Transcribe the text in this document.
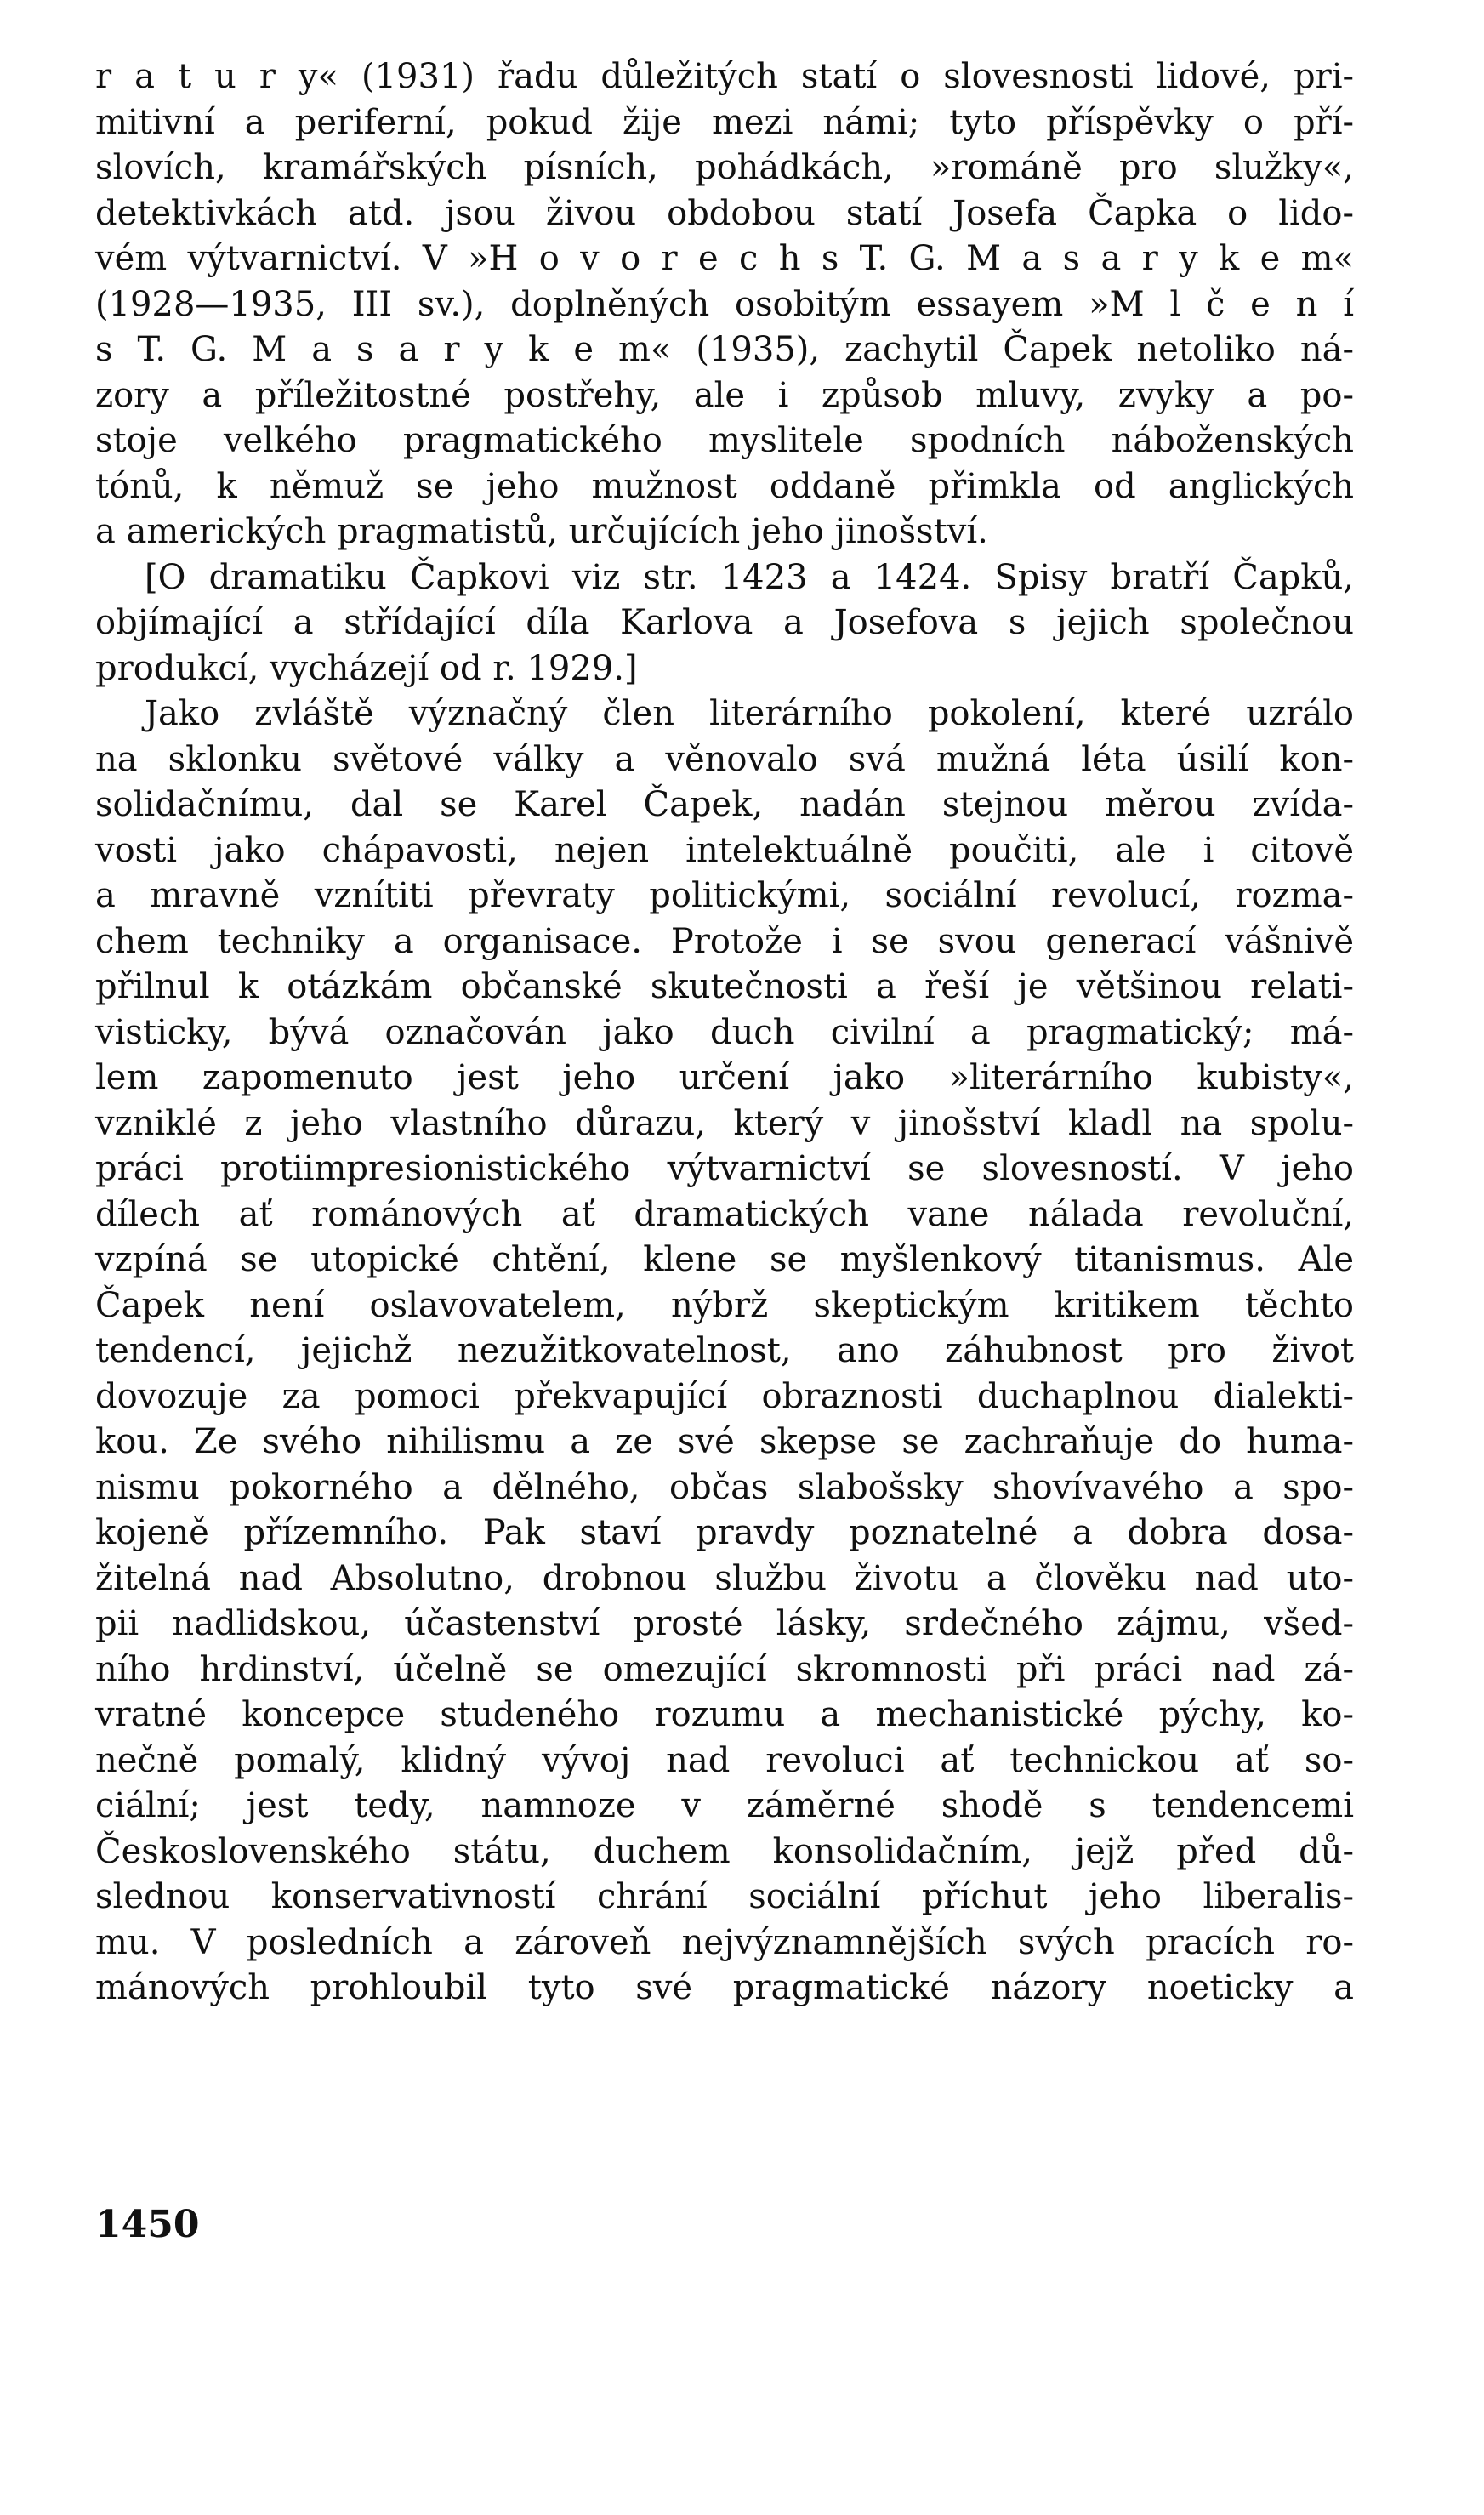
r a t u r y« (1931) řadu důležitých statí o slovesnosti lidové, pri-
mitivní a periferní, pokud žije mezi námi; tyto příspěvky o pří-
slovích, kramářských písních, pohádkách, »románě pro služky«,
detektivkách atd. jsou živou obdobou statí Josefa Čapka o lido-
vém výtvarnictví. V »H o v o r e c h s T. G. M a s a r y k e m«
(1928—1935, III sv.), doplněných osobitým essayem »M l č e n í
s T. G. M a s a r y k e m« (1935), zachytil Čapek netoliko ná-
zory a příležitostné postřehy, ale i způsob mluvy, zvyky a po-
stoje velkého pragmatického myslitele spodních náboženských
tónů, k němuž se jeho mužnost oddaně přimkla od anglických
a amerických pragmatistů, určujících jeho jinošství.
[O dramatiku Čapkovi viz str. 1423 a 1424. Spisy bratří Čapků,
objímající a střídající díla Karlova a Josefova s jejich společnou
produkcí, vycházejí od r. 1929.]
Jako zvláště význačný člen literárního pokolení, které uzrálo
na sklonku světové války a věnovalo svá mužná léta úsilí kon-
solidačnímu, dal se Karel Čapek, nadán stejnou měrou zvída-
vosti jako chápavosti, nejen intelektuálně poučiti, ale i citově
a mravně vznítiti převraty politickými, sociální revolucí, rozma-
chem techniky a organisace. Protože i se svou generací vášnivě
přilnul k otázkám občanské skutečnosti a řeší je většinou relati-
visticky, bývá označován jako duch civilní a pragmatický; má-
lem zapomenuto jest jeho určení jako »literárního kubisty«,
vzniklé z jeho vlastního důrazu, který v jinošství kladl na spolu-
práci protiimpresionistického výtvarnictví se slovesností. V jeho
dílech ať románových ať dramatických vane nálada revoluční,
vzpíná se utopické chtění, klene se myšlenkový titanismus. Ale
Čapek není oslavovatelem, nýbrž skeptickým kritikem těchto
tendencí, jejichž nezužitkovatelnost, ano záhubnost pro život
dovozuje za pomoci překvapující obraznosti duchaplnou dialekti-
kou. Ze svého nihilismu a ze své skepse se zachraňuje do huma-
nismu pokorného a dělného, občas slabošsky shovívavého a spo-
kojeně přízemního. Pak staví pravdy poznatelné a dobra dosa-
žitelná nad Absolutno, drobnou službu životu a člověku nad uto-
pii nadlidskou, účastenství prosté lásky, srdečného zájmu, všed-
ního hrdinství, účelně se omezující skromnosti při práci nad zá-
vratné koncepce studeného rozumu a mechanistické pýchy, ko-
nečně pomalý, klidný vývoj nad revoluci ať technickou ať so-
ciální; jest tedy, namnoze v záměrné shodě s tendencemi
Československého státu, duchem konsolidačním, jejž před dů-
slednou konservativností chrání sociální příchut jeho liberalis-
mu. V posledních a zároveň nejvýznamnějších svých pracích ro-
mánových prohloubil tyto své pragmatické názory noeticky a
1450
